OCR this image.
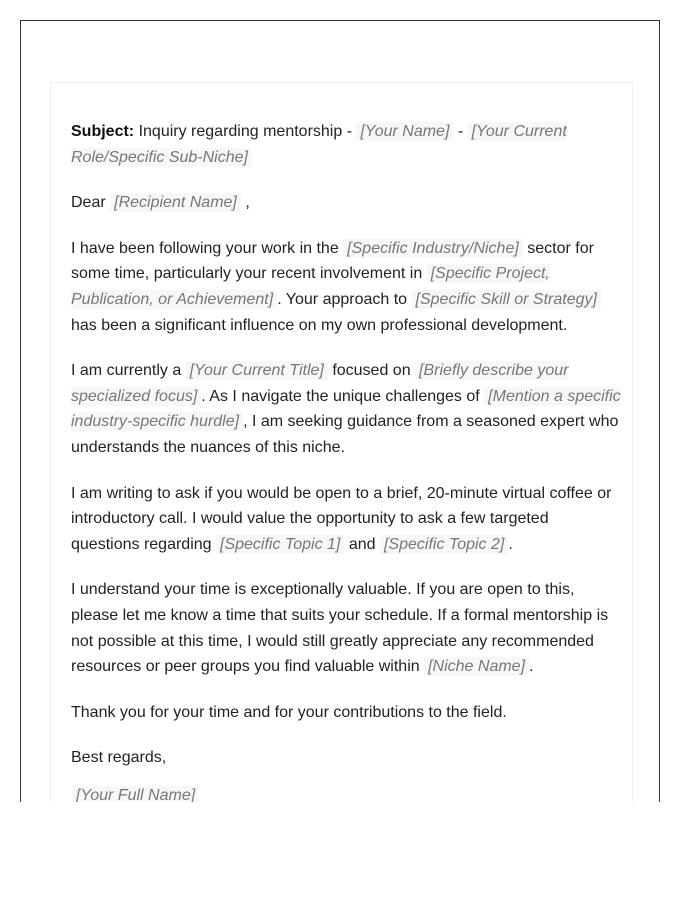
Subject: Inquiry regarding mentorship - [Your Name] - [Your Current Role/Specific Sub-Niche]

Dear [Recipient Name] ,

I have been following your work in the [Specific Industry/Niche] sector for some time, particularly your recent involvement in [Specific Project, Publication, or Achievement] . Your approach to [Specific Skill or Strategy] has been a significant influence on my own professional development.

I am currently a [Your Current Title] focused on [Briefly describe your specialized focus] . As I navigate the unique challenges of [Mention a specific industry-specific hurdle] , I am seeking guidance from a seasoned expert who understands the nuances of this niche.

I am writing to ask if you would be open to a brief, 20-minute virtual coffee or introductory call. I would value the opportunity to ask a few targeted questions regarding [Specific Topic 1] and [Specific Topic 2] .

I understand your time is exceptionally valuable. If you are open to this, please let me know a time that suits your schedule. If a formal mentorship is not possible at this time, I would still greatly appreciate any recommended resources or peer groups you find valuable within [Niche Name] .

Thank you for your time and for your contributions to the field.

Best regards,

[Your Full Name]
